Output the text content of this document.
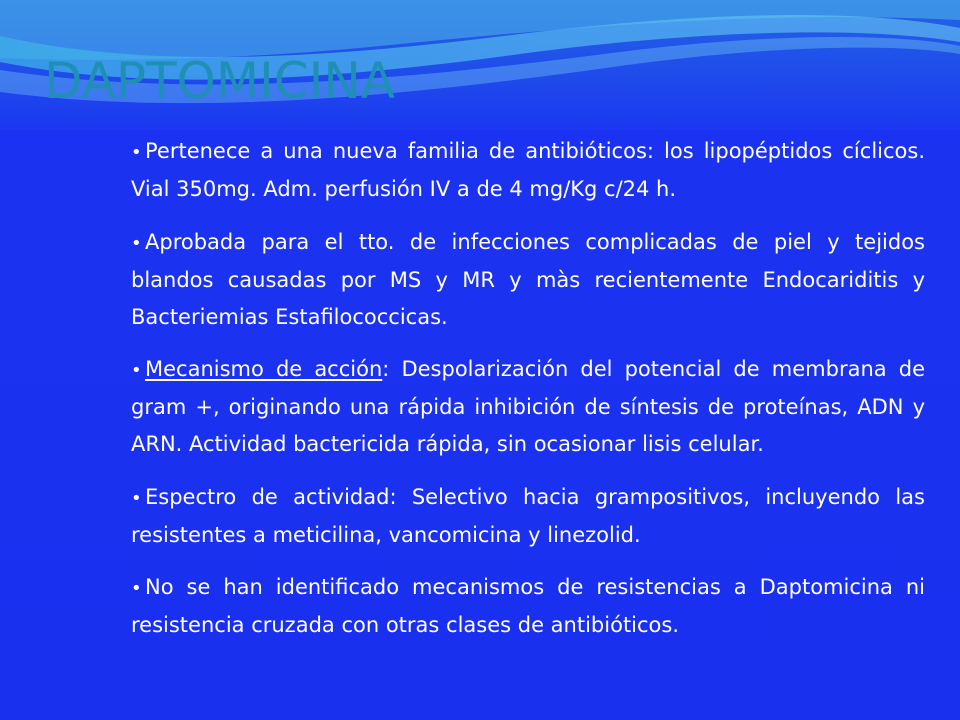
DAPTOMICINA

• Pertenece a una nueva familia de antibióticos: los lipopéptidos cíclicos. Vial 350mg. Adm. perfusión IV a de 4 mg/Kg c/24 h.

• Aprobada para el tto. de infecciones complicadas de piel y tejidos blandos causadas por MS y MR y màs recientemente Endocariditis y Bacteriemias Estafilococcicas.

• Mecanismo de acción: Despolarización del potencial de membrana de gram +, originando una rápida inhibición de síntesis de proteínas, ADN y ARN. Actividad bactericida rápida, sin ocasionar lisis celular.

• Espectro de actividad: Selectivo hacia grampositivos, incluyendo las resistentes a meticilina, vancomicina y linezolid.

• No se han identificado mecanismos de resistencias a Daptomicina ni resistencia cruzada con otras clases de antibióticos.
